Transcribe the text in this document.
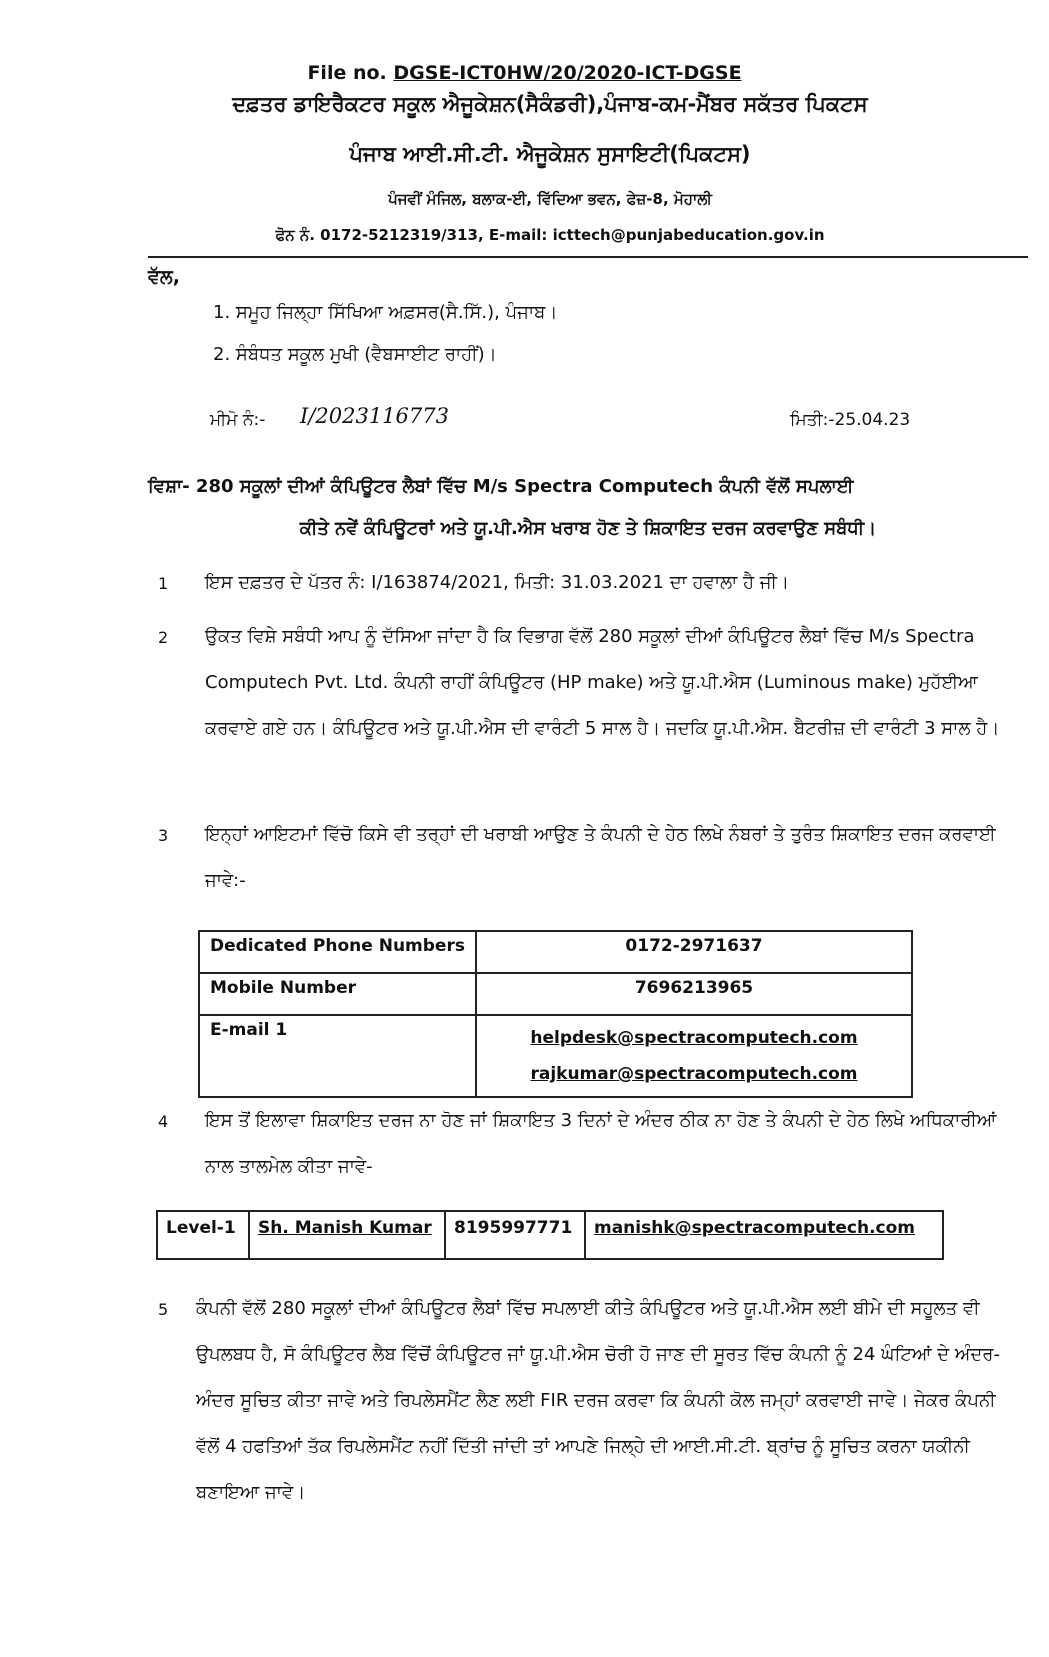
File no. DGSE-ICT0HW/20/2020-ICT-DGSE
ਦਫ਼ਤਰ ਡਾਇਰੈਕਟਰ ਸਕੂਲ ਐਜੂਕੇਸ਼ਨ(ਸੈਕੰਡਰੀ),ਪੰਜਾਬ-ਕਮ-ਮੈਂਬਰ ਸਕੱਤਰ ਪਿਕਟਸ
ਪੰਜਾਬ ਆਈ.ਸੀ.ਟੀ. ਐਜੂਕੇਸ਼ਨ ਸੁਸਾਇਟੀ(ਪਿਕਟਸ)
ਪੰਜਵੀਂ ਮੰਜਿਲ, ਬਲਾਕ-ਈ, ਵਿੱਦਿਆ ਭਵਨ, ਫੇਜ਼-8, ਮੋਹਾਲੀ
ਫੋਨ ਨੰ. 0172-5212319/313, E-mail: icttech@punjabeducation.gov.in
ਵੱਲ,
1. ਸਮੂਹ ਜਿਲ੍ਹਾ ਸਿੱਖਿਆ ਅਫ਼ਸਰ(ਸੈ.ਸਿੱ.), ਪੰਜਾਬ।
2. ਸੰਬੰਧਤ ਸਕੂਲ ਮੁਖੀ (ਵੈਬਸਾਈਟ ਰਾਹੀਂ)।
ਮੀਮੋ ਨੰ:- I/2023116773	ਮਿਤੀ:-25.04.23
ਵਿਸ਼ਾ- 280 ਸਕੂਲਾਂ ਦੀਆਂ ਕੰਪਿਊਟਰ ਲੈਬਾਂ ਵਿੱਚ M/s Spectra Computech ਕੰਪਨੀ ਵੱਲੋਂ ਸਪਲਾਈ
ਕੀਤੇ ਨਵੇਂ ਕੰਪਿਊਟਰਾਂ ਅਤੇ ਯੂ.ਪੀ.ਐਸ ਖਰਾਬ ਹੋਣ ਤੇ ਸ਼ਿਕਾਇਤ ਦਰਜ ਕਰਵਾਉਣ ਸਬੰਧੀ।
1 ਇਸ ਦਫ਼ਤਰ ਦੇ ਪੱਤਰ ਨੰ: I/163874/2021, ਮਿਤੀ: 31.03.2021 ਦਾ ਹਵਾਲਾ ਹੈ ਜੀ।
2 ਉਕਤ ਵਿਸ਼ੇ ਸਬੰਧੀ ਆਪ ਨੂੰ ਦੱਸਿਆ ਜਾਂਦਾ ਹੈ ਕਿ ਵਿਭਾਗ ਵੱਲੋਂ 280 ਸਕੂਲਾਂ ਦੀਆਂ ਕੰਪਿਊਟਰ ਲੈਬਾਂ ਵਿੱਚ M/s Spectra Computech Pvt. Ltd. ਕੰਪਨੀ ਰਾਹੀਂ ਕੰਪਿਊਟਰ (HP make) ਅਤੇ ਯੂ.ਪੀ.ਐਸ (Luminous make) ਮੁਹੱਈਆ ਕਰਵਾਏ ਗਏ ਹਨ। ਕੰਪਿਊਟਰ ਅਤੇ ਯੂ.ਪੀ.ਐਸ ਦੀ ਵਾਰੰਟੀ 5 ਸਾਲ ਹੈ। ਜਦਕਿ ਯੂ.ਪੀ.ਐਸ. ਬੈਟਰੀਜ਼ ਦੀ ਵਾਰੰਟੀ 3 ਸਾਲ ਹੈ।
3 ਇਨ੍ਹਾਂ ਆਇਟਮਾਂ ਵਿੱਚੋ ਕਿਸੇ ਵੀ ਤਰ੍ਹਾਂ ਦੀ ਖਰਾਬੀ ਆਉਣ ਤੇ ਕੰਪਨੀ ਦੇ ਹੇਠ ਲਿਖੇ ਨੰਬਰਾਂ ਤੇ ਤੁਰੰਤ ਸ਼ਿਕਾਇਤ ਦਰਜ ਕਰਵਾਈ ਜਾਵੇ:-
Dedicated Phone Numbers	0172-2971637
Mobile Number	7696213965
E-mail 1	helpdesk@spectracomputech.com
rajkumar@spectracomputech.com
4 ਇਸ ਤੋਂ ਇਲਾਵਾ ਸ਼ਿਕਾਇਤ ਦਰਜ ਨਾ ਹੋਣ ਜਾਂ ਸ਼ਿਕਾਇਤ 3 ਦਿਨਾਂ ਦੇ ਅੰਦਰ ਠੀਕ ਨਾ ਹੋਣ ਤੇ ਕੰਪਨੀ ਦੇ ਹੇਠ ਲਿਖੇ ਅਧਿਕਾਰੀਆਂ ਨਾਲ ਤਾਲਮੇਲ ਕੀਤਾ ਜਾਵੇ-
Level-1	Sh. Manish Kumar	8195997771	manishk@spectracomputech.com
5 ਕੰਪਨੀ ਵੱਲੋਂ 280 ਸਕੂਲਾਂ ਦੀਆਂ ਕੰਪਿਊਟਰ ਲੈਬਾਂ ਵਿੱਚ ਸਪਲਾਈ ਕੀਤੇ ਕੰਪਿਊਟਰ ਅਤੇ ਯੂ.ਪੀ.ਐਸ ਲਈ ਬੀਮੇ ਦੀ ਸਹੂਲਤ ਵੀ ਉਪਲਬਧ ਹੈ, ਸੋ ਕੰਪਿਊਟਰ ਲੈਬ ਵਿੱਚੋਂ ਕੰਪਿਊਟਰ ਜਾਂ ਯੂ.ਪੀ.ਐਸ ਚੋਰੀ ਹੋ ਜਾਣ ਦੀ ਸੂਰਤ ਵਿੱਚ ਕੰਪਨੀ ਨੂੰ 24 ਘੰਟਿਆਂ ਦੇ ਅੰਦਰ-ਅੰਦਰ ਸੂਚਿਤ ਕੀਤਾ ਜਾਵੇ ਅਤੇ ਰਿਪਲੇਸਮੈਂਟ ਲੈਣ ਲਈ FIR ਦਰਜ ਕਰਵਾ ਕਿ ਕੰਪਨੀ ਕੋਲ ਜਮ੍ਹਾਂ ਕਰਵਾਈ ਜਾਵੇ। ਜੇਕਰ ਕੰਪਨੀ ਵੱਲੋਂ 4 ਹਫਤਿਆਂ ਤੱਕ ਰਿਪਲੇਸਮੈਂਟ ਨਹੀਂ ਦਿੱਤੀ ਜਾਂਦੀ ਤਾਂ ਆਪਣੇ ਜਿਲ੍ਹੇ ਦੀ ਆਈ.ਸੀ.ਟੀ. ਬ੍ਰਾਂਚ ਨੂੰ ਸੂਚਿਤ ਕਰਨਾ ਯਕੀਨੀ ਬਣਾਇਆ ਜਾਵੇ।
